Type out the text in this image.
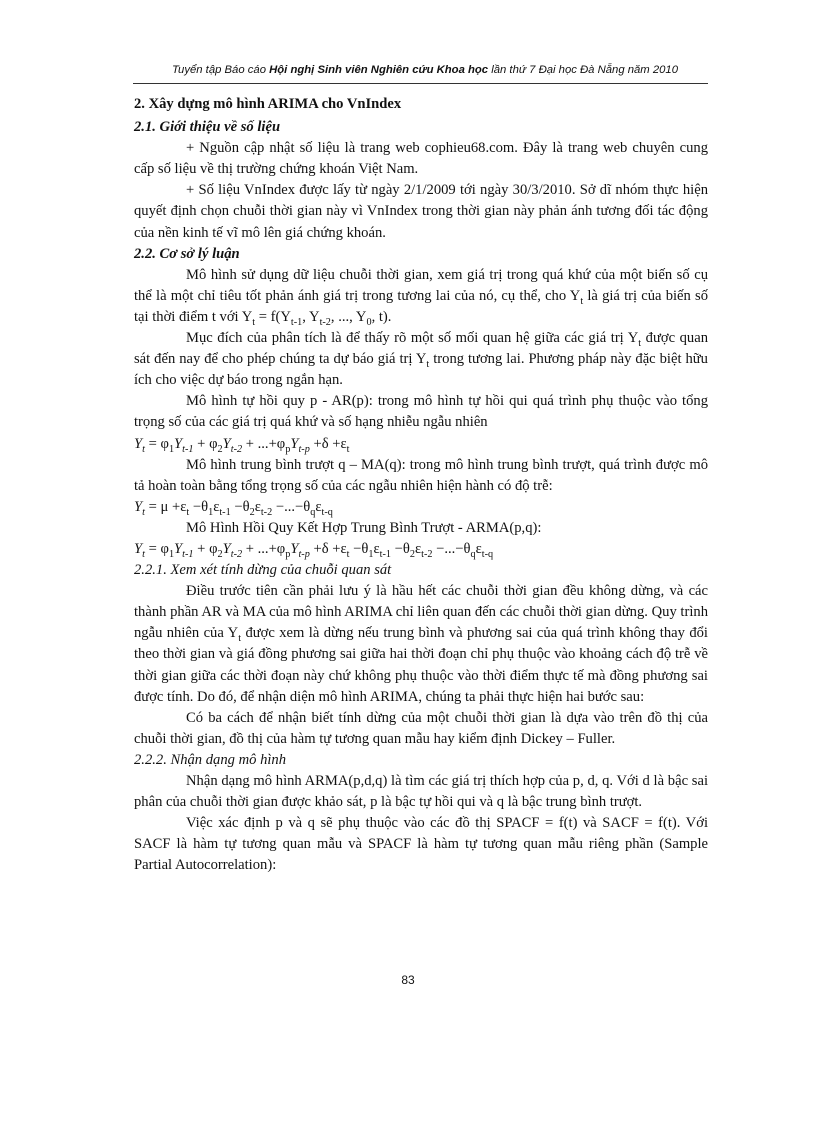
Tuyển tập Báo cáo Hội nghị Sinh viên Nghiên cứu Khoa học lần thứ 7 Đại học Đà Nẵng năm 2010

2. Xây dựng mô hình ARIMA cho VnIndex

2.1. Giới thiệu về số liệu

+ Nguồn cập nhật số liệu là trang web cophieu68.com. Đây là trang web chuyên cung cấp số liệu về thị trường chứng khoán Việt Nam.

+ Số liệu VnIndex được lấy từ ngày 2/1/2009 tới ngày 30/3/2010. Sở dĩ nhóm thực hiện quyết định chọn chuỗi thời gian này vì VnIndex trong thời gian này phản ánh tương đối tác động của nền kinh tế vĩ mô lên giá chứng khoán.

2.2. Cơ sở lý luận

Mô hình sử dụng dữ liệu chuỗi thời gian, xem giá trị trong quá khứ của một biến số cụ thể là một chỉ tiêu tốt phản ánh giá trị trong tương lai của nó, cụ thể, cho $Y_t$ là giá trị của biến số tại thời điểm t với $Y_t = f(Y_{t-1}$, $Y_{t-2}$, ..., $Y_0$, t).

Mục đích của phân tích là để thấy rõ một số mối quan hệ giữa các giá trị $Y_t$ được quan sát đến nay để cho phép chúng ta dự báo giá trị $Y_t$ trong tương lai. Phương pháp này đặc biệt hữu ích cho việc dự báo trong ngắn hạn.

Mô hình tự hồi quy p - AR(p): trong mô hình tự hồi qui quá trình phụ thuộc vào tổng trọng số của các giá trị quá khứ và số hạng nhiễu ngẫu nhiên

$Y_t = \varphi_1Y_{t-1} + \varphi_2Y_{t-2} + ...+\varphi_pY_{t-p} +\delta +\varepsilon_t$

Mô hình trung bình trượt q – MA(q): trong mô hình trung bình trượt, quá trình được mô tả hoàn toàn bằng tổng trọng số của các ngẫu nhiên hiện hành có độ trễ:

$Y_t = \mu +\varepsilon_t -\theta_1\varepsilon_{t-1} -\theta_2\varepsilon_{t-2} -...-\theta_q\varepsilon_{t-q}$

Mô Hình Hồi Quy Kết Hợp Trung Bình Trượt - ARMA(p,q):

$Y_t = \varphi_1Y_{t-1} + \varphi_2Y_{t-2} + ...+\varphi_pY_{t-p} +\delta +\varepsilon_t -\theta_1\varepsilon_{t-1} -\theta_2\varepsilon_{t-2} -...-\theta_q\varepsilon_{t-q}$

2.2.1. Xem xét tính dừng của chuỗi quan sát

Điều trước tiên cần phải lưu ý là hầu hết các chuỗi thời gian đều không dừng, và các thành phần AR và MA của mô hình ARIMA chỉ liên quan đến các chuỗi thời gian dừng. Quy trình ngẫu nhiên của $Y_t$ được xem là dừng nếu trung bình và phương sai của quá trình không thay đổi theo thời gian và giá đồng phương sai giữa hai thời đoạn chỉ phụ thuộc vào khoảng cách độ trễ về thời gian giữa các thời đoạn này chứ không phụ thuộc vào thời điểm thực tế mà đồng phương sai được tính. Do đó, để nhận diện mô hình ARIMA, chúng ta phải thực hiện hai bước sau:

Có ba cách để nhận biết tính dừng của một chuỗi thời gian là dựa vào trên đồ thị của chuỗi thời gian, đồ thị của hàm tự tương quan mẫu hay kiểm định Dickey – Fuller.

2.2.2. Nhận dạng mô hình

Nhận dạng mô hình ARMA(p,d,q) là tìm các giá trị thích hợp của p, d, q. Với d là bậc sai phân của chuỗi thời gian được khảo sát, p là bậc tự hồi qui và q là bậc trung bình trượt.

Việc xác định p và q sẽ phụ thuộc vào các đồ thị SPACF = f(t) và SACF = f(t). Với SACF là hàm tự tương quan mẫu và SPACF là hàm tự tương quan mẫu riêng phần (Sample Partial Autocorrelation):

83
